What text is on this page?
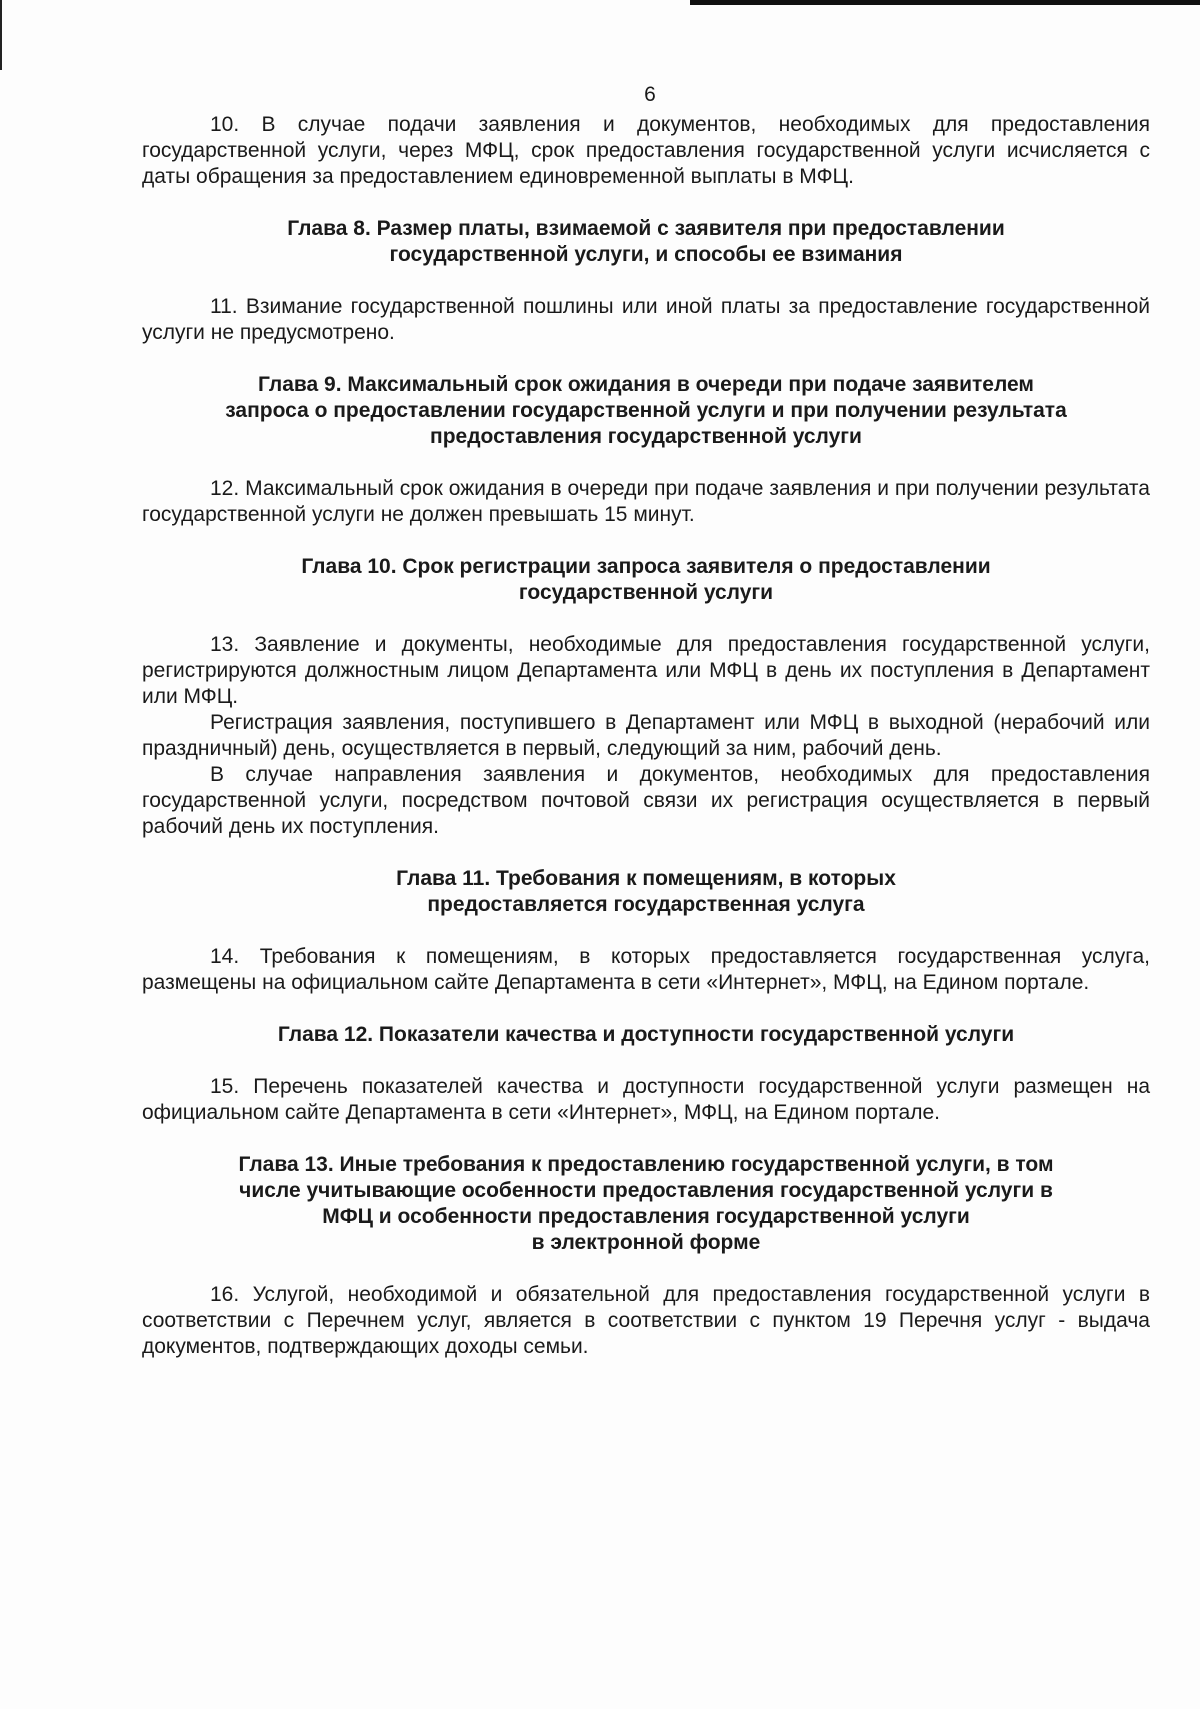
6

10. В случае подачи заявления и документов, необходимых для предоставления государственной услуги, через МФЦ, срок предоставления государственной услуги исчисляется с даты обращения за предоставлением единовременной выплаты в МФЦ.

Глава 8. Размер платы, взимаемой с заявителя при предоставлении
государственной услуги, и способы ее взимания

11. Взимание государственной пошлины или иной платы за предоставление государственной услуги не предусмотрено.

Глава 9. Максимальный срок ожидания в очереди при подаче заявителем
запроса о предоставлении государственной услуги и при получении результата
предоставления государственной услуги

12. Максимальный срок ожидания в очереди при подаче заявления и при получении результата государственной услуги не должен превышать 15 минут.

Глава 10. Срок регистрации запроса заявителя о предоставлении
государственной услуги

13. Заявление и документы, необходимые для предоставления государственной услуги, регистрируются должностным лицом Департамента или МФЦ в день их поступления в Департамент или МФЦ.

Регистрация заявления, поступившего в Департамент или МФЦ в выходной (нерабочий или праздничный) день, осуществляется в первый, следующий за ним, рабочий день.

В случае направления заявления и документов, необходимых для предоставления государственной услуги, посредством почтовой связи их регистрация осуществляется в первый рабочий день их поступления.

Глава 11. Требования к помещениям, в которых
предоставляется государственная услуга

14. Требования к помещениям, в которых предоставляется государственная услуга, размещены на официальном сайте Департамента в сети «Интернет», МФЦ, на Едином портале.

Глава 12. Показатели качества и доступности государственной услуги

15. Перечень показателей качества и доступности государственной услуги размещен на официальном сайте Департамента в сети «Интернет», МФЦ, на Едином портале.

Глава 13. Иные требования к предоставлению государственной услуги, в том
числе учитывающие особенности предоставления государственной услуги в
МФЦ и особенности предоставления государственной услуги
в электронной форме

16. Услугой, необходимой и обязательной для предоставления государственной услуги в соответствии с Перечнем услуг, является в соответствии с пунктом 19 Перечня услуг - выдача документов, подтверждающих доходы семьи.
